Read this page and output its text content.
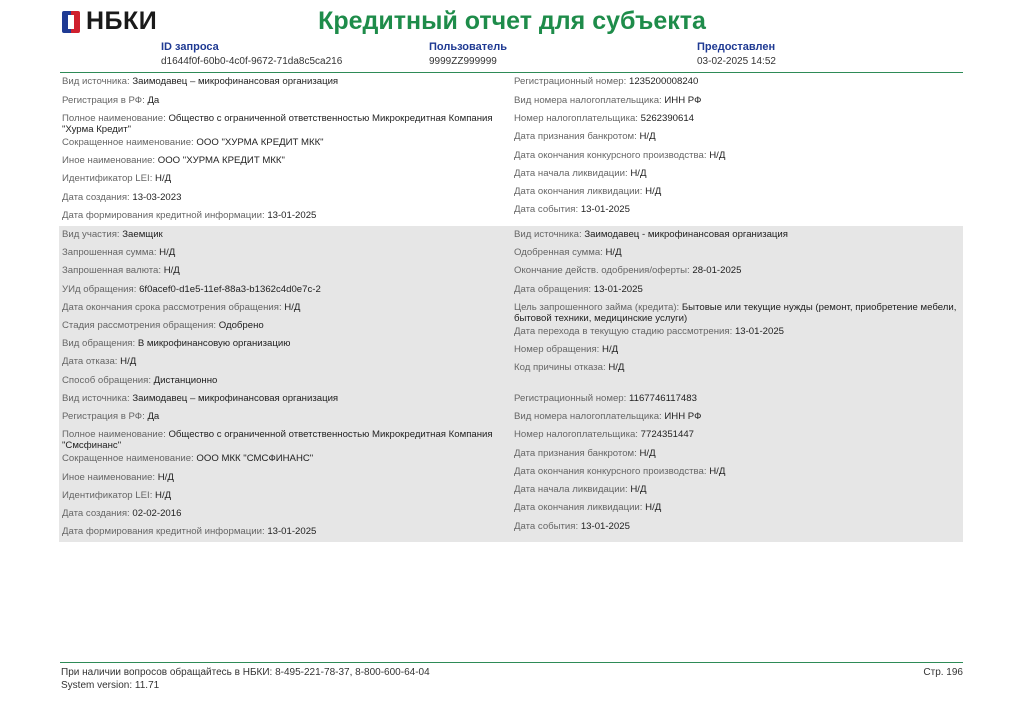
НБКИ	Кредитный отчет для субъекта
ID запроса
d1644f0f-60b0-4c0f-9672-71da8c5ca216
Пользователь
9999ZZ999999
Предоставлен
03-02-2025 14:52
Вид источника: Заимодавец – микрофинансовая организация
Регистрация в РФ: Да
Полное наименование: Общество с ограниченной ответственностью Микрокредитная Компания "Хурма Кредит"
Сокращенное наименование: ООО "ХУРМА КРЕДИТ МКК"
Иное наименование: ООО "ХУРМА КРЕДИТ МКК"
Идентификатор LEI: Н/Д
Дата создания: 13-03-2023
Дата формирования кредитной информации: 13-01-2025
Регистрационный номер: 1235200008240
Вид номера налогоплательщика: ИНН РФ
Номер налогоплательщика: 5262390614
Дата признания банкротом: Н/Д
Дата окончания конкурсного производства: Н/Д
Дата начала ликвидации: Н/Д
Дата окончания ликвидации: Н/Д
Дата события: 13-01-2025
Вид участия: Заемщик
Запрошенная сумма: Н/Д
Запрошенная валюта: Н/Д
УИд обращения: 6f0acef0-d1e5-11ef-88a3-b1362c4d0e7c-2
Дата окончания срока рассмотрения обращения: Н/Д
Стадия рассмотрения обращения: Одобрено
Вид обращения: В микрофинансовую организацию
Дата отказа: Н/Д
Способ обращения: Дистанционно
Вид источника: Заимодавец – микрофинансовая организация
Регистрация в РФ: Да
Полное наименование: Общество с ограниченной ответственностью Микрокредитная Компания "Смсфинанс"
Сокращенное наименование: ООО МКК "СМСФИНАНС"
Иное наименование: Н/Д
Идентификатор LEI: Н/Д
Дата создания: 02-02-2016
Дата формирования кредитной информации: 13-01-2025
Вид источника: Заимодавец - микрофинансовая организация
Одобренная сумма: Н/Д
Окончание действ. одобрения/оферты: 28-01-2025
Дата обращения: 13-01-2025
Цель запрошенного займа (кредита): Бытовые или текущие нужды (ремонт, приобретение мебели, бытовой техники, медицинские услуги)
Дата перехода в текущую стадию рассмотрения: 13-01-2025
Номер обращения: Н/Д
Код причины отказа: Н/Д
Регистрационный номер: 1167746117483
Вид номера налогоплательщика: ИНН РФ
Номер налогоплательщика: 7724351447
Дата признания банкротом: Н/Д
Дата окончания конкурсного производства: Н/Д
Дата начала ликвидации: Н/Д
Дата окончания ликвидации: Н/Д
Дата события: 13-01-2025
При наличии вопросов обращайтесь в НБКИ: 8-495-221-78-37, 8-800-600-64-04
System version: 11.71
Стр. 196
